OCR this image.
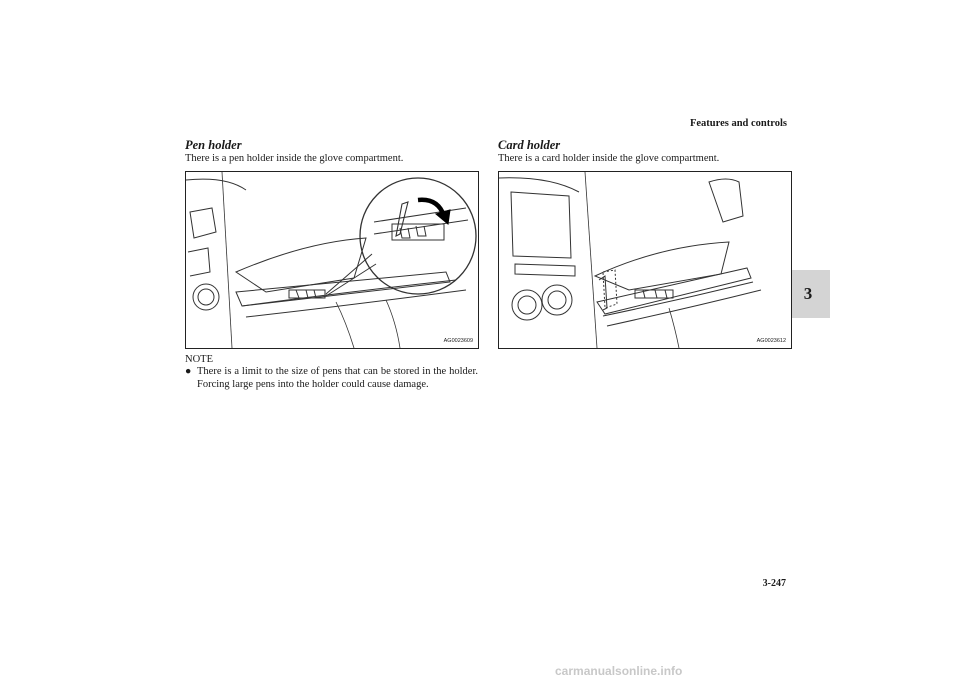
Features and controls
3
Pen holder
There is a pen holder inside the glove compartment.
AG0023609
NOTE
● There is a limit to the size of pens that can be stored in the holder. Forcing large pens into the holder could cause damage.
Card holder
There is a card holder inside the glove compartment.
AG0023612
3-247
carmanualsonline.info
